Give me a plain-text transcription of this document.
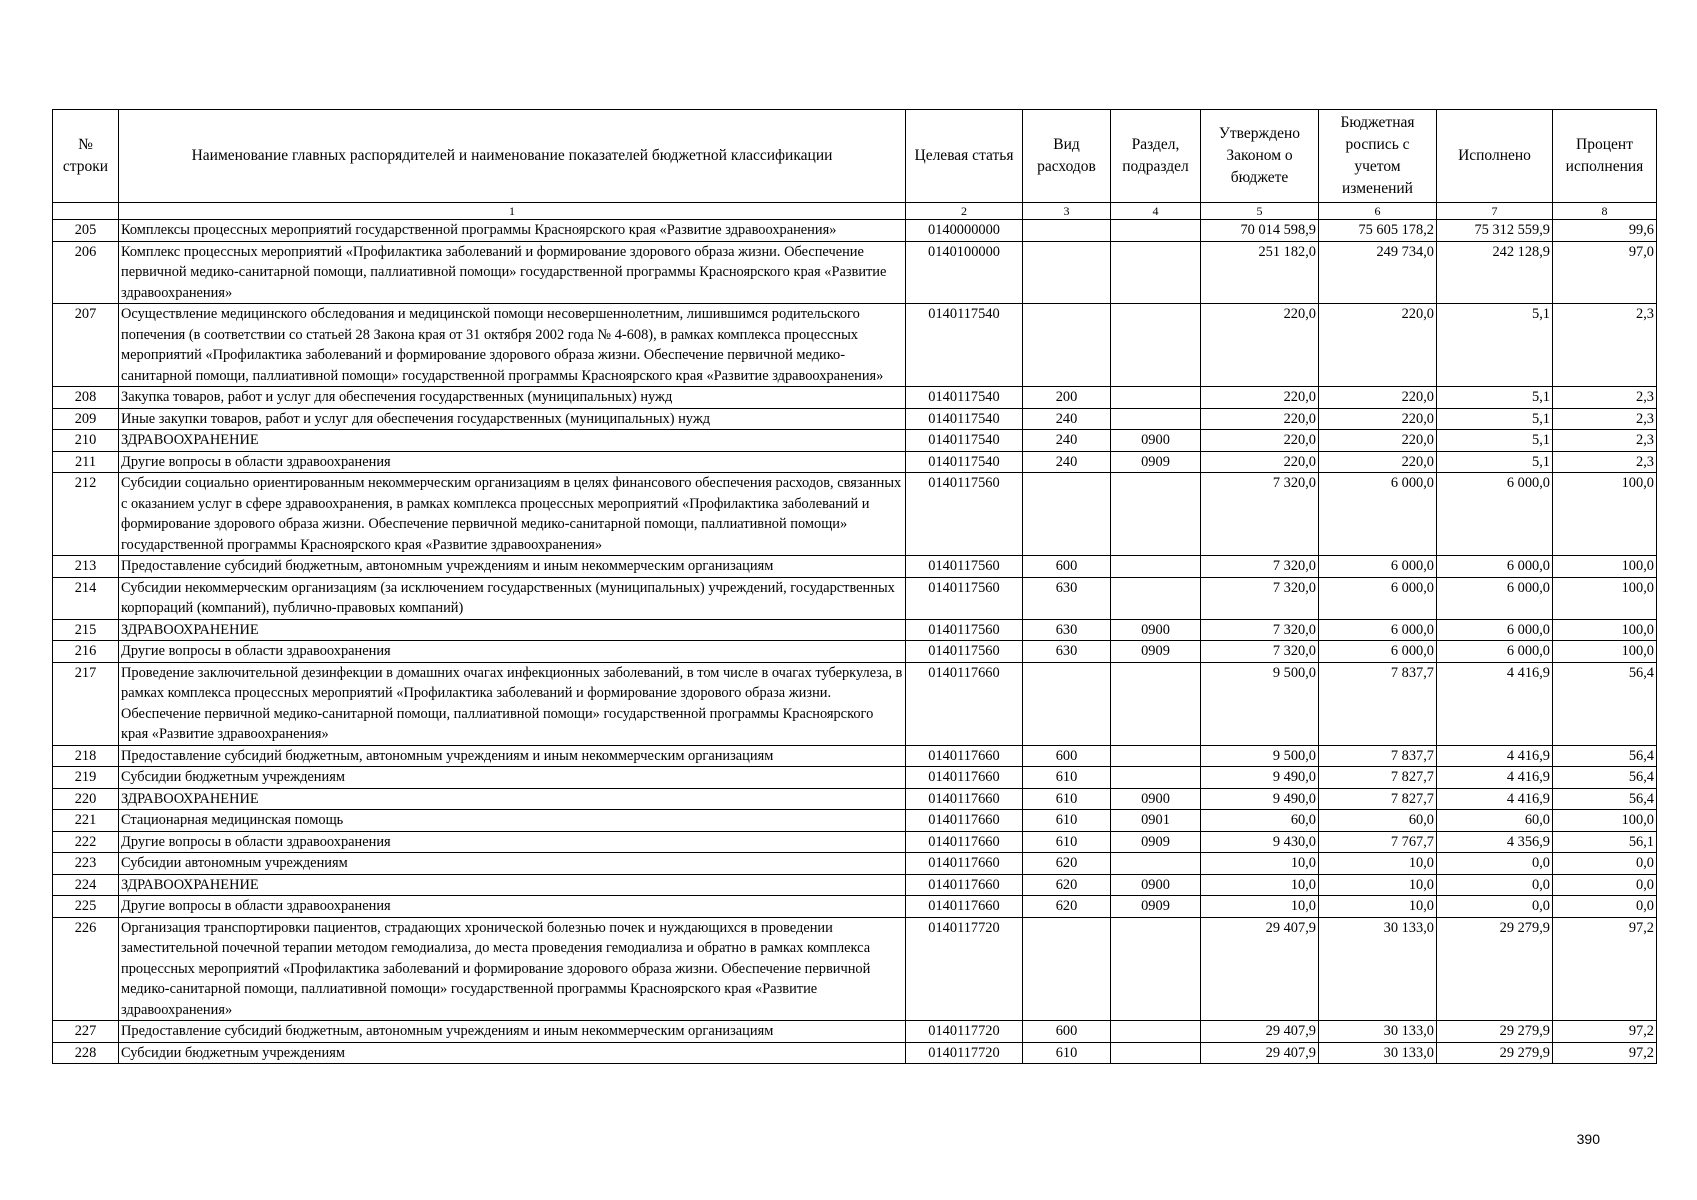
№ строки	Наименование главных распорядителей и наименование показателей бюджетной классификации	Целевая статья	Вид расходов	Раздел, подраздел	Утверждено Законом о бюджете	Бюджетная роспись с учетом изменений	Исполнено	Процент исполнения
	1	2	3	4	5	6	7	8
205	Комплексы процессных мероприятий государственной программы Красноярского края «Развитие здравоохранения»	0140000000			70 014 598,9	75 605 178,2	75 312 559,9	99,6
206	Комплекс процессных мероприятий «Профилактика заболеваний и формирование здорового образа жизни. Обеспечение первичной медико-санитарной помощи, паллиативной помощи» государственной программы Красноярского края «Развитие здравоохранения»	0140100000			251 182,0	249 734,0	242 128,9	97,0
207	Осуществление медицинского обследования и медицинской помощи несовершеннолетним, лишившимся родительского попечения (в соответствии со статьей 28 Закона края от 31 октября 2002 года № 4-608), в рамках комплекса процессных мероприятий «Профилактика заболеваний и формирование здорового образа жизни. Обеспечение первичной медико-санитарной помощи, паллиативной помощи» государственной программы Красноярского края «Развитие здравоохранения»	0140117540			220,0	220,0	5,1	2,3
208	Закупка товаров, работ и услуг для обеспечения государственных (муниципальных) нужд	0140117540	200		220,0	220,0	5,1	2,3
209	Иные закупки товаров, работ и услуг для обеспечения государственных (муниципальных) нужд	0140117540	240		220,0	220,0	5,1	2,3
210	ЗДРАВООХРАНЕНИЕ	0140117540	240	0900	220,0	220,0	5,1	2,3
211	Другие вопросы в области здравоохранения	0140117540	240	0909	220,0	220,0	5,1	2,3
212	Субсидии социально ориентированным некоммерческим организациям в целях финансового обеспечения расходов, связанных с оказанием услуг в сфере здравоохранения, в рамках комплекса процессных мероприятий «Профилактика заболеваний и формирование здорового образа жизни. Обеспечение первичной медико-санитарной помощи, паллиативной помощи» государственной программы Красноярского края «Развитие здравоохранения»	0140117560			7 320,0	6 000,0	6 000,0	100,0
213	Предоставление субсидий бюджетным, автономным учреждениям и иным некоммерческим организациям	0140117560	600		7 320,0	6 000,0	6 000,0	100,0
214	Субсидии некоммерческим организациям (за исключением государственных (муниципальных) учреждений, государственных корпораций (компаний), публично-правовых компаний)	0140117560	630		7 320,0	6 000,0	6 000,0	100,0
215	ЗДРАВООХРАНЕНИЕ	0140117560	630	0900	7 320,0	6 000,0	6 000,0	100,0
216	Другие вопросы в области здравоохранения	0140117560	630	0909	7 320,0	6 000,0	6 000,0	100,0
217	Проведение заключительной дезинфекции в домашних очагах инфекционных заболеваний, в том числе в очагах туберкулеза, в рамках комплекса процессных мероприятий «Профилактика заболеваний и формирование здорового образа жизни. Обеспечение первичной медико-санитарной помощи, паллиативной помощи» государственной программы Красноярского края «Развитие здравоохранения»	0140117660			9 500,0	7 837,7	4 416,9	56,4
218	Предоставление субсидий бюджетным, автономным учреждениям и иным некоммерческим организациям	0140117660	600		9 500,0	7 837,7	4 416,9	56,4
219	Субсидии бюджетным учреждениям	0140117660	610		9 490,0	7 827,7	4 416,9	56,4
220	ЗДРАВООХРАНЕНИЕ	0140117660	610	0900	9 490,0	7 827,7	4 416,9	56,4
221	Стационарная медицинская помощь	0140117660	610	0901	60,0	60,0	60,0	100,0
222	Другие вопросы в области здравоохранения	0140117660	610	0909	9 430,0	7 767,7	4 356,9	56,1
223	Субсидии автономным учреждениям	0140117660	620		10,0	10,0	0,0	0,0
224	ЗДРАВООХРАНЕНИЕ	0140117660	620	0900	10,0	10,0	0,0	0,0
225	Другие вопросы в области здравоохранения	0140117660	620	0909	10,0	10,0	0,0	0,0
226	Организация транспортировки пациентов, страдающих хронической болезнью почек и нуждающихся в проведении заместительной почечной терапии методом гемодиализа, до места проведения гемодиализа и обратно в рамках комплекса процессных мероприятий «Профилактика заболеваний и формирование здорового образа жизни. Обеспечение первичной медико-санитарной помощи, паллиативной помощи» государственной программы Красноярского края «Развитие здравоохранения»	0140117720			29 407,9	30 133,0	29 279,9	97,2
227	Предоставление субсидий бюджетным, автономным учреждениям и иным некоммерческим организациям	0140117720	600		29 407,9	30 133,0	29 279,9	97,2
228	Субсидии бюджетным учреждениям	0140117720	610		29 407,9	30 133,0	29 279,9	97,2
390
